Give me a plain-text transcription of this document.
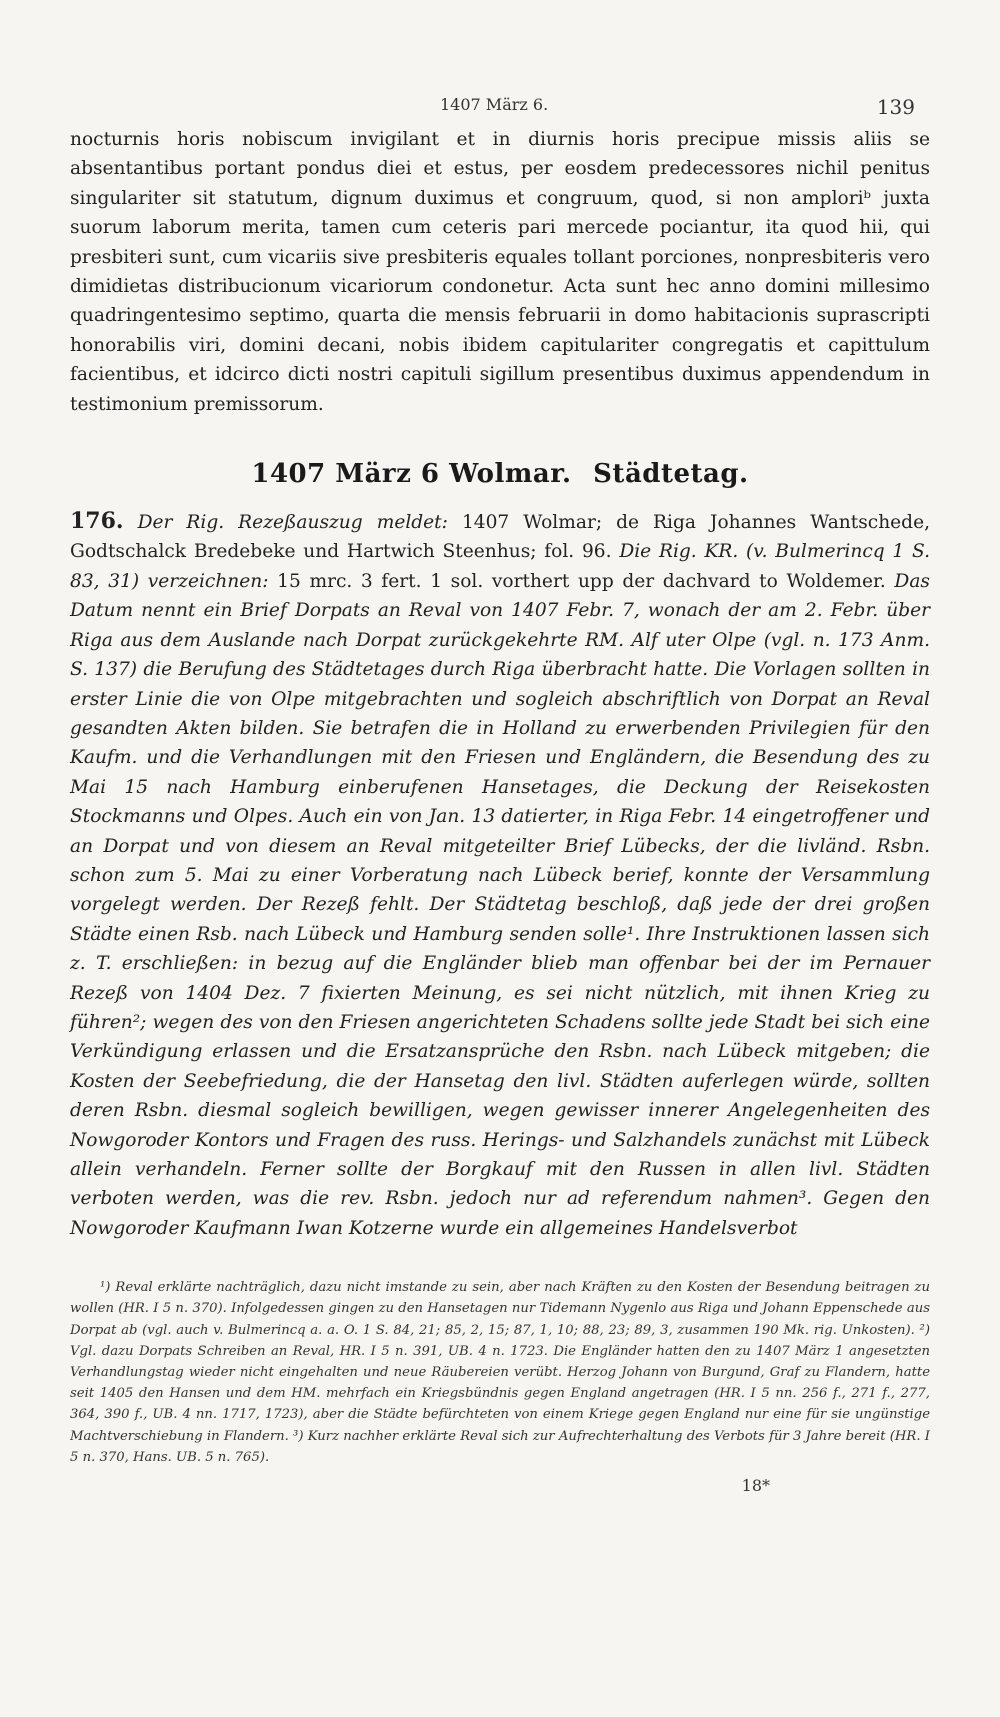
1407 März 6.	139

nocturnis horis nobiscum invigilant et in diurnis horis precipue missis aliis se absentantibus portant pondus diei et estus, per eosdem predecessores nichil penitus singulariter sit statutum, dignum duximus et congruum, quod, si non amploriᵇ juxta suorum laborum merita, tamen cum ceteris pari mercede pociantur, ita quod hii, qui presbiteri sunt, cum vicariis sive presbiteris equales tollant porciones, nonpresbiteris vero dimidietas distribucionum vicariorum condonetur. Acta sunt hec anno domini millesimo quadringentesimo septimo, quarta die mensis februarii in domo habitacionis suprascripti honorabilis viri, domini decani, nobis ibidem capitulariter congregatis et capittulum facientibus, et idcirco dicti nostri capituli sigillum presentibus duximus appendendum in testimonium premissorum.

1407 März 6 Wolmar. Städtetag.

176. Der Rig. Rezeßauszug meldet: 1407 Wolmar; de Riga Johannes Wantschede, Godtschalck Bredebeke und Hartwich Steenhus; fol. 96. Die Rig. KR. (v. Bulmerincq 1 S. 83, 31) verzeichnen: 15 mrc. 3 fert. 1 sol. vorthert upp der dachvard to Woldemer. Das Datum nennt ein Brief Dorpats an Reval von 1407 Febr. 7, wonach der am 2. Febr. über Riga aus dem Auslande nach Dorpat zurückgekehrte RM. Alf uter Olpe (vgl. n. 173 Anm. S. 137) die Berufung des Städtetages durch Riga überbracht hatte. Die Vorlagen sollten in erster Linie die von Olpe mitgebrachten und sogleich abschriftlich von Dorpat an Reval gesandten Akten bilden. Sie betrafen die in Holland zu erwerbenden Privilegien für den Kaufm. und die Verhandlungen mit den Friesen und Engländern, die Besendung des zu Mai 15 nach Hamburg einberufenen Hansetages, die Deckung der Reisekosten Stockmanns und Olpes. Auch ein von Jan. 13 datierter, in Riga Febr. 14 eingetroffener und an Dorpat und von diesem an Reval mitgeteilter Brief Lübecks, der die livländ. Rsbn. schon zum 5. Mai zu einer Vorberatung nach Lübeck berief, konnte der Versammlung vorgelegt werden. Der Rezeß fehlt. Der Städtetag beschloß, daß jede der drei großen Städte einen Rsb. nach Lübeck und Hamburg senden solle¹. Ihre Instruktionen lassen sich z. T. erschließen: in bezug auf die Engländer blieb man offenbar bei der im Pernauer Rezeß von 1404 Dez. 7 fixierten Meinung, es sei nicht nützlich, mit ihnen Krieg zu führen²; wegen des von den Friesen angerichteten Schadens sollte jede Stadt bei sich eine Verkündigung erlassen und die Ersatzansprüche den Rsbn. nach Lübeck mitgeben; die Kosten der Seebefriedung, die der Hansetag den livl. Städten auferlegen würde, sollten deren Rsbn. diesmal sogleich bewilligen, wegen gewisser innerer Angelegenheiten des Nowgoroder Kontors und Fragen des russ. Herings- und Salzhandels zunächst mit Lübeck allein verhandeln. Ferner sollte der Borgkauf mit den Russen in allen livl. Städten verboten werden, was die rev. Rsbn. jedoch nur ad referendum nahmen³. Gegen den Nowgoroder Kaufmann Iwan Kotzerne wurde ein allgemeines Handelsverbot

¹) Reval erklärte nachträglich, dazu nicht imstande zu sein, aber nach Kräften zu den Kosten der Besendung beitragen zu wollen (HR. I 5 n. 370). Infolgedessen gingen zu den Hansetagen nur Tidemann Nygenlo aus Riga und Johann Eppenschede aus Dorpat ab (vgl. auch v. Bulmerincq a. a. O. 1 S. 84, 21; 85, 2, 15; 87, 1, 10; 88, 23; 89, 3, zusammen 190 Mk. rig. Unkosten). ²) Vgl. dazu Dorpats Schreiben an Reval, HR. I 5 n. 391, UB. 4 n. 1723. Die Engländer hatten den zu 1407 März 1 angesetzten Verhandlungstag wieder nicht eingehalten und neue Räubereien verübt. Herzog Johann von Burgund, Graf zu Flandern, hatte seit 1405 den Hansen und dem HM. mehrfach ein Kriegsbündnis gegen England angetragen (HR. I 5 nn. 256 f., 271 f., 277, 364, 390 f., UB. 4 nn. 1717, 1723), aber die Städte befürchteten von einem Kriege gegen England nur eine für sie ungünstige Machtverschiebung in Flandern. ³) Kurz nachher erklärte Reval sich zur Aufrechterhaltung des Verbots für 3 Jahre bereit (HR. I 5 n. 370, Hans. UB. 5 n. 765).
18*
